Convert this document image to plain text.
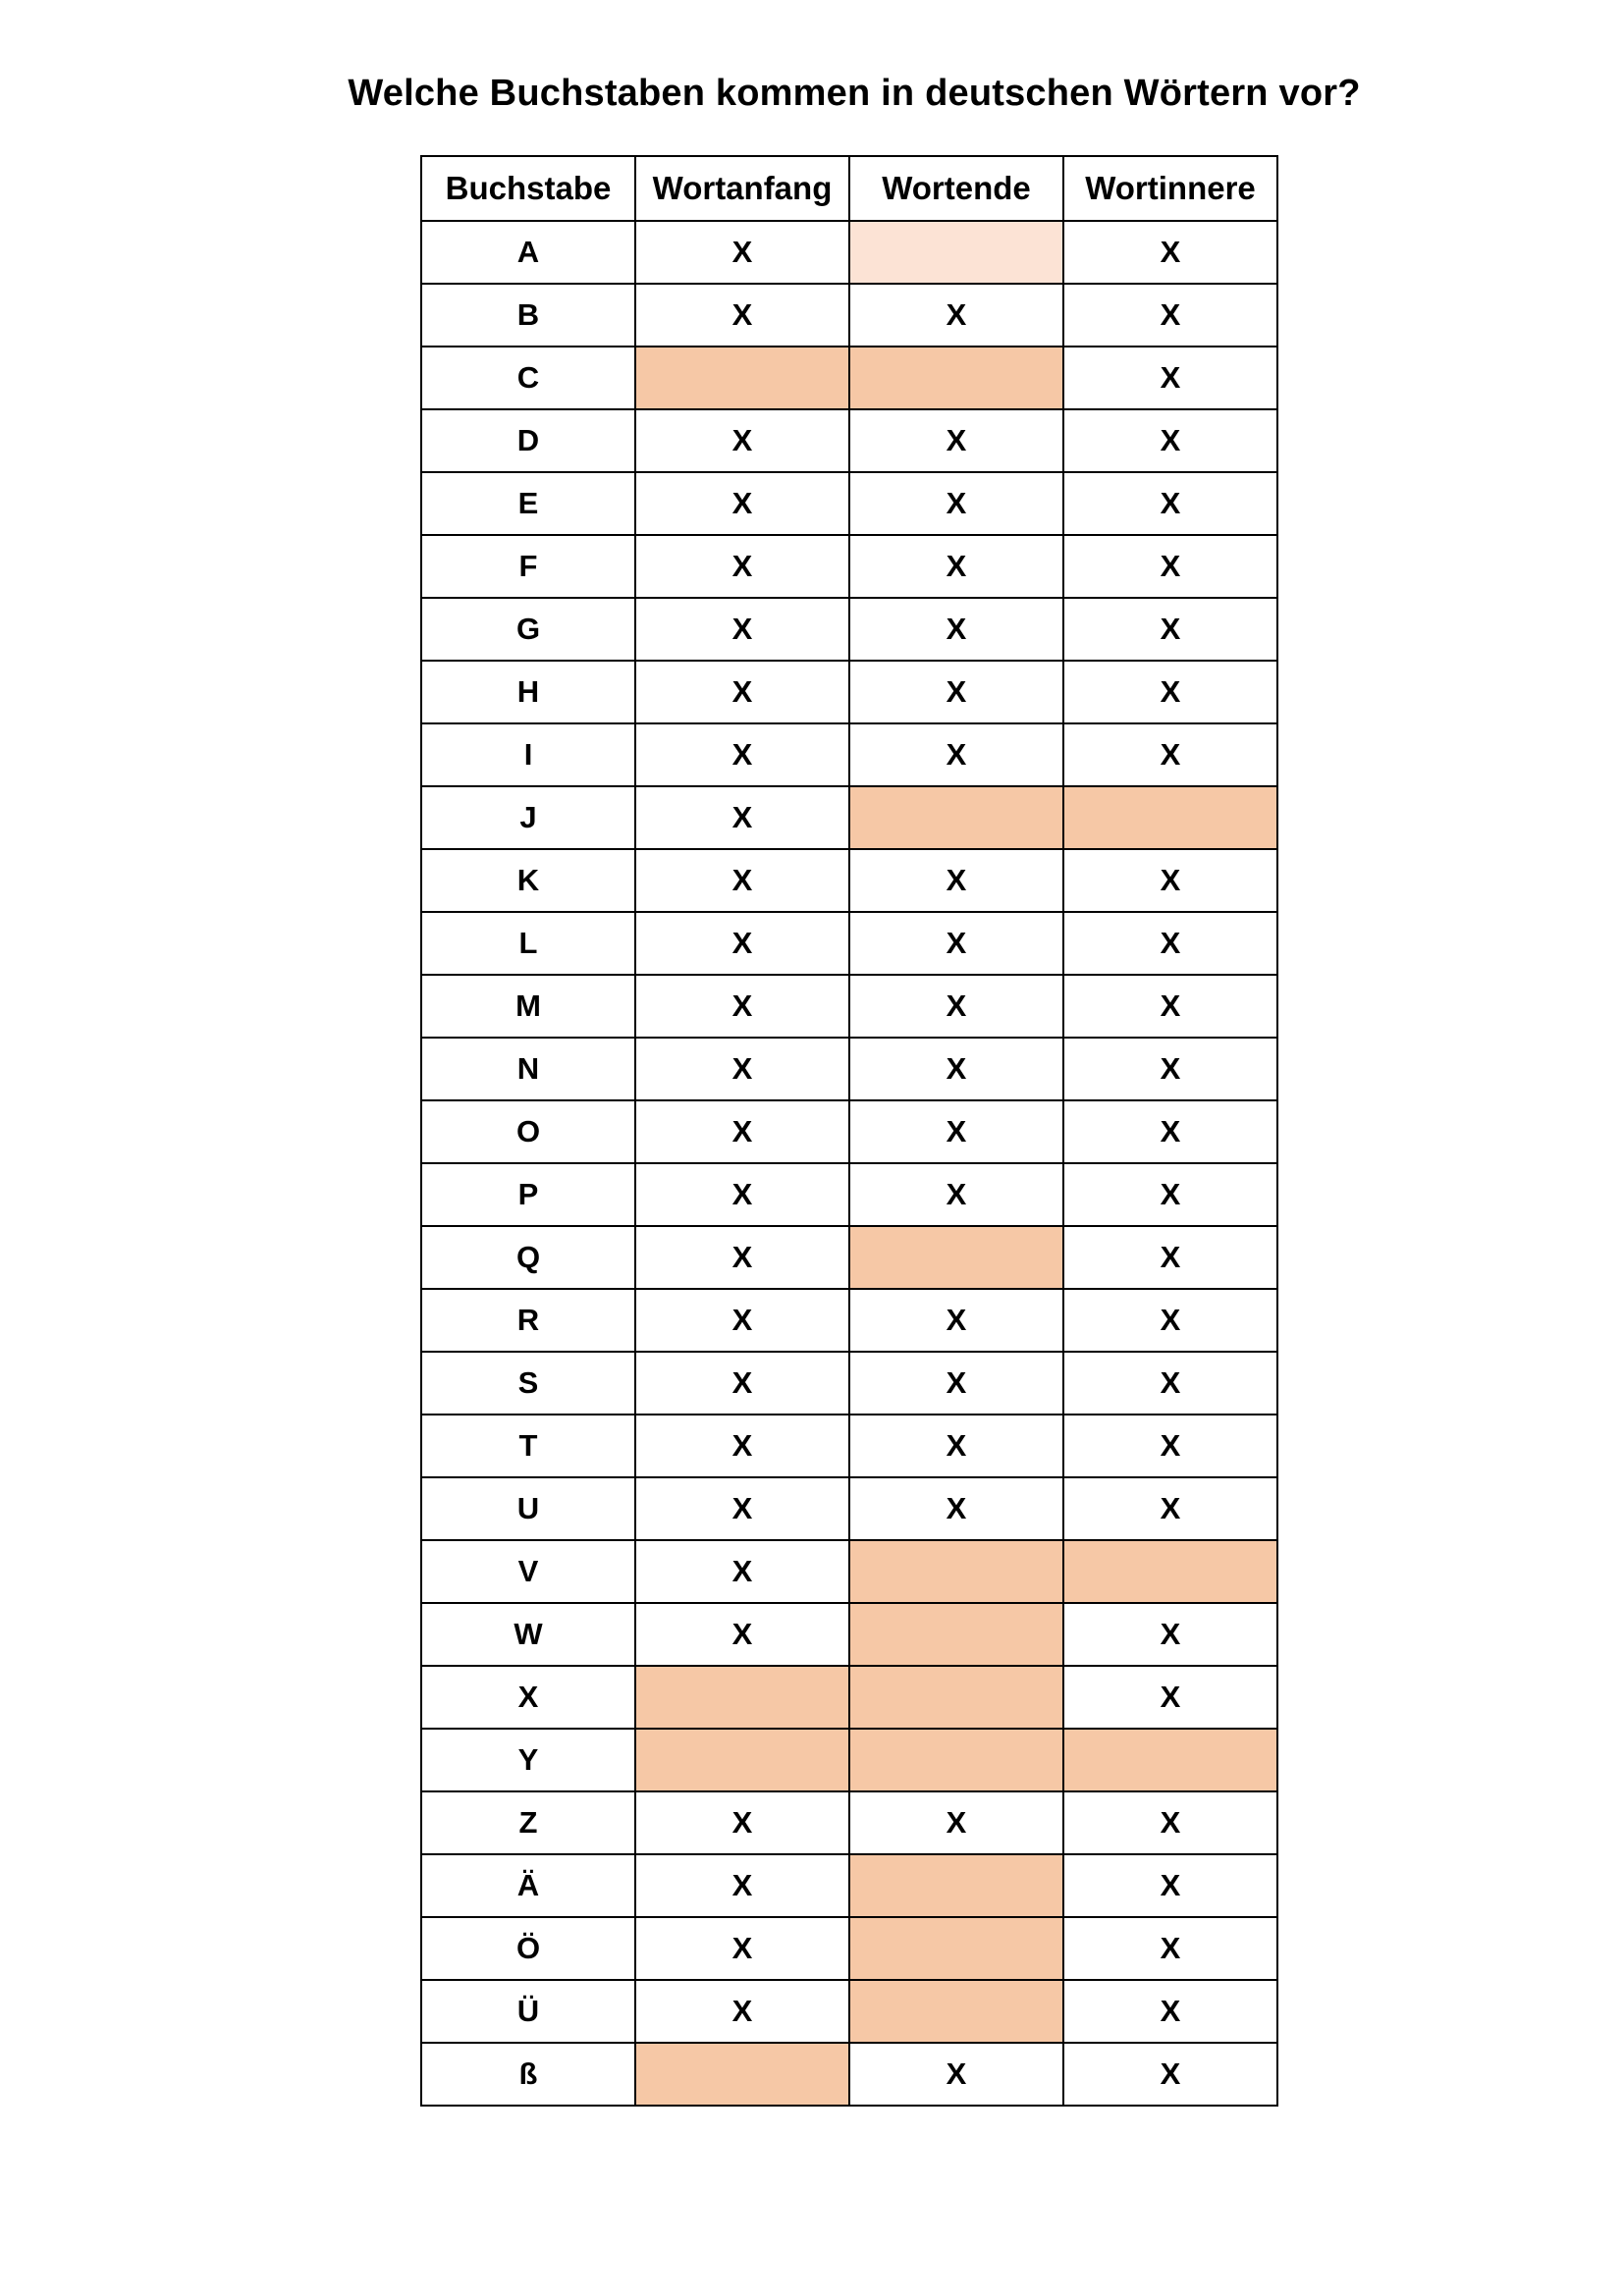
Welche Buchstaben kommen in deutschen Wörtern vor?
Buchstabe	Wortanfang	Wortende	Wortinnere
A	X		X
B	X	X	X
C			X
D	X	X	X
E	X	X	X
F	X	X	X
G	X	X	X
H	X	X	X
I	X	X	X
J	X		
K	X	X	X
L	X	X	X
M	X	X	X
N	X	X	X
O	X	X	X
P	X	X	X
Q	X		X
R	X	X	X
S	X	X	X
T	X	X	X
U	X	X	X
V	X		
W	X		X
X			X
Y			
Z	X	X	X
Ä	X		X
Ö	X		X
Ü	X		X
ß		X	X
